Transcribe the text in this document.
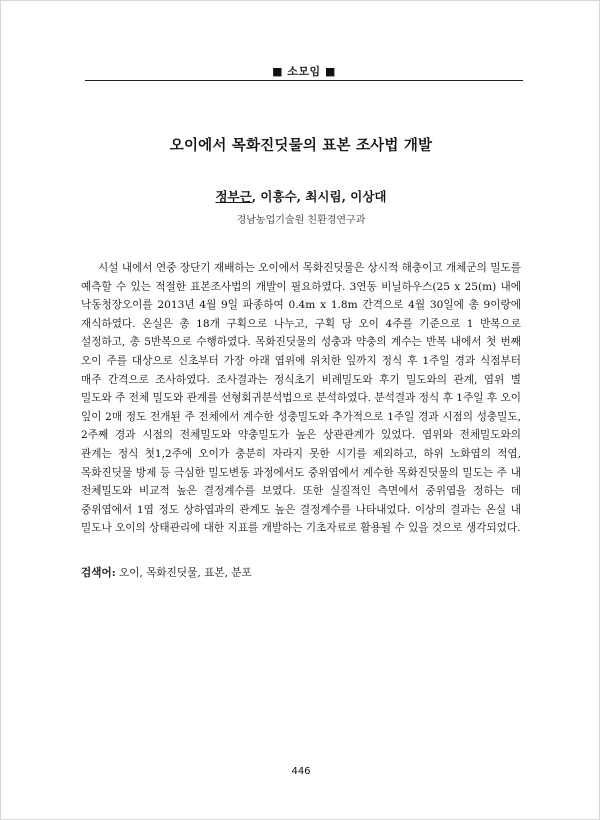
■ 소모임 ■
오이에서 목화진딧물의 표본 조사법 개발
정부근, 이흥수, 최시림, 이상대
경남농업기술원 친환경연구과

시설 내에서 연중 장단기 재배하는 오이에서 목화진딧물은 상시적 해충이고 개체군의 밀도를 예측할 수 있는 적절한 표본조사법의 개발이 필요하였다. 3연동 비닐하우스(25 x 25(m) 내에 낙동청장오이를 2013년 4월 9일 파종하여 0.4m x 1.8m 간격으로 4월 30일에 총 9이랑에 재식하였다. 온실은 총 18개 구획으로 나누고, 구획 당 오이 4주를 기준으로 1 반복으로 설정하고, 총 5반복으로 수행하였다. 목화진딧물의 성충과 약충의 계수는 반복 내에서 첫 번째 오이 주를 대상으로 신초부터 가장 아래 엽위에 위치한 잎까지 정식 후 1주일 경과 식점부터 매주 간격으로 조사하였다. 조사결과는 정식초기 비례밀도와 후기 밀도와의 관계, 엽위 별 밀도와 주 전체 밀도와 관계를 선형회귀분석법으로 분석하였다. 분석결과 정식 후 1주일 후 오이 잎이 2매 정도 전개된 주 전체에서 계수한 성충밀도와 추가적으로 1주일 경과 시점의 성충밀도, 2주째 경과 시점의 전체밀도와 약충밀도가 높은 상관관계가 있었다. 엽위와 전체밀도와의 관계는 정식 첫1,2주에 오이가 충분히 자라지 못한 시기를 제외하고, 하위 노화엽의 적엽, 목화진딧물 방제 등 극심한 밀도변동 과정에서도 중위엽에서 계수한 목화진딧물의 밀도는 주 내 전체밀도와 비교적 높은 결정계수를 보였다. 또한 실질적인 측면에서 중위엽을 정하는 데 중위엽에서 1엽 정도 상하엽과의 관계도 높은 결정계수를 나타내었다. 이상의 결과는 온실 내 밀도나 오이의 상태관리에 대한 지표를 개발하는 기초자료로 활용될 수 있을 것으로 생각되었다.

검색어: 오이, 목화진딧물, 표본, 분포
446
